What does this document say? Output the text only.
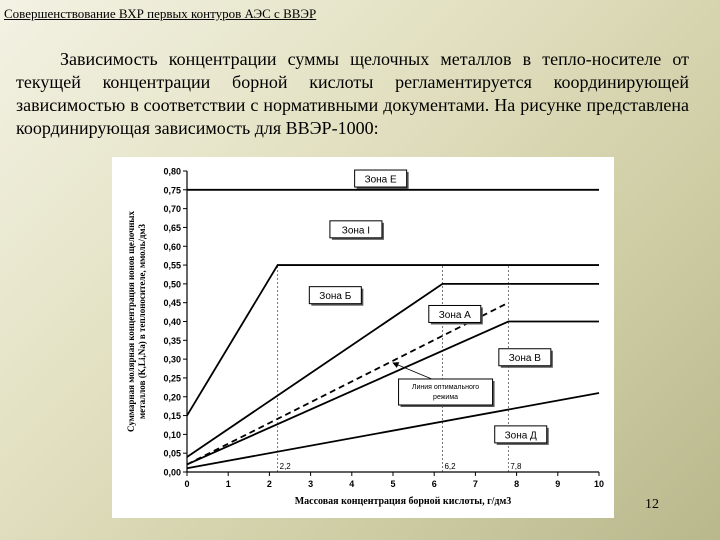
Совершенствование ВХР первых контуров АЭС с ВВЭР

Зависимость концентрации суммы щелочных металлов в тепло-носителе от текущей концентрации борной кислоты регламентируется координирующей зависимостью в соответствии с нормативными документами. На рисунке представлена координирующая зависимость для ВВЭР-1000:

2,2	6,2	7,8
0,00
0,05
0,10
0,15
0,20
0,25
0,30
0,35
0,40
0,45
0,50
0,55
0,60
0,65
0,70
0,75
0,80
0	1	2	3	4	5	6	7	8	9	10
Зона Е
Зона I
Зона Б
Зона А
Зона В
Зона Д
Линия оптимального
режима
Массовая концентрация борной кислоты, г/дм3
Суммарная молярная концентрация ионов щелочных металлов (K,Li,Na) в теплоносителе, ммоль/дм3
12
